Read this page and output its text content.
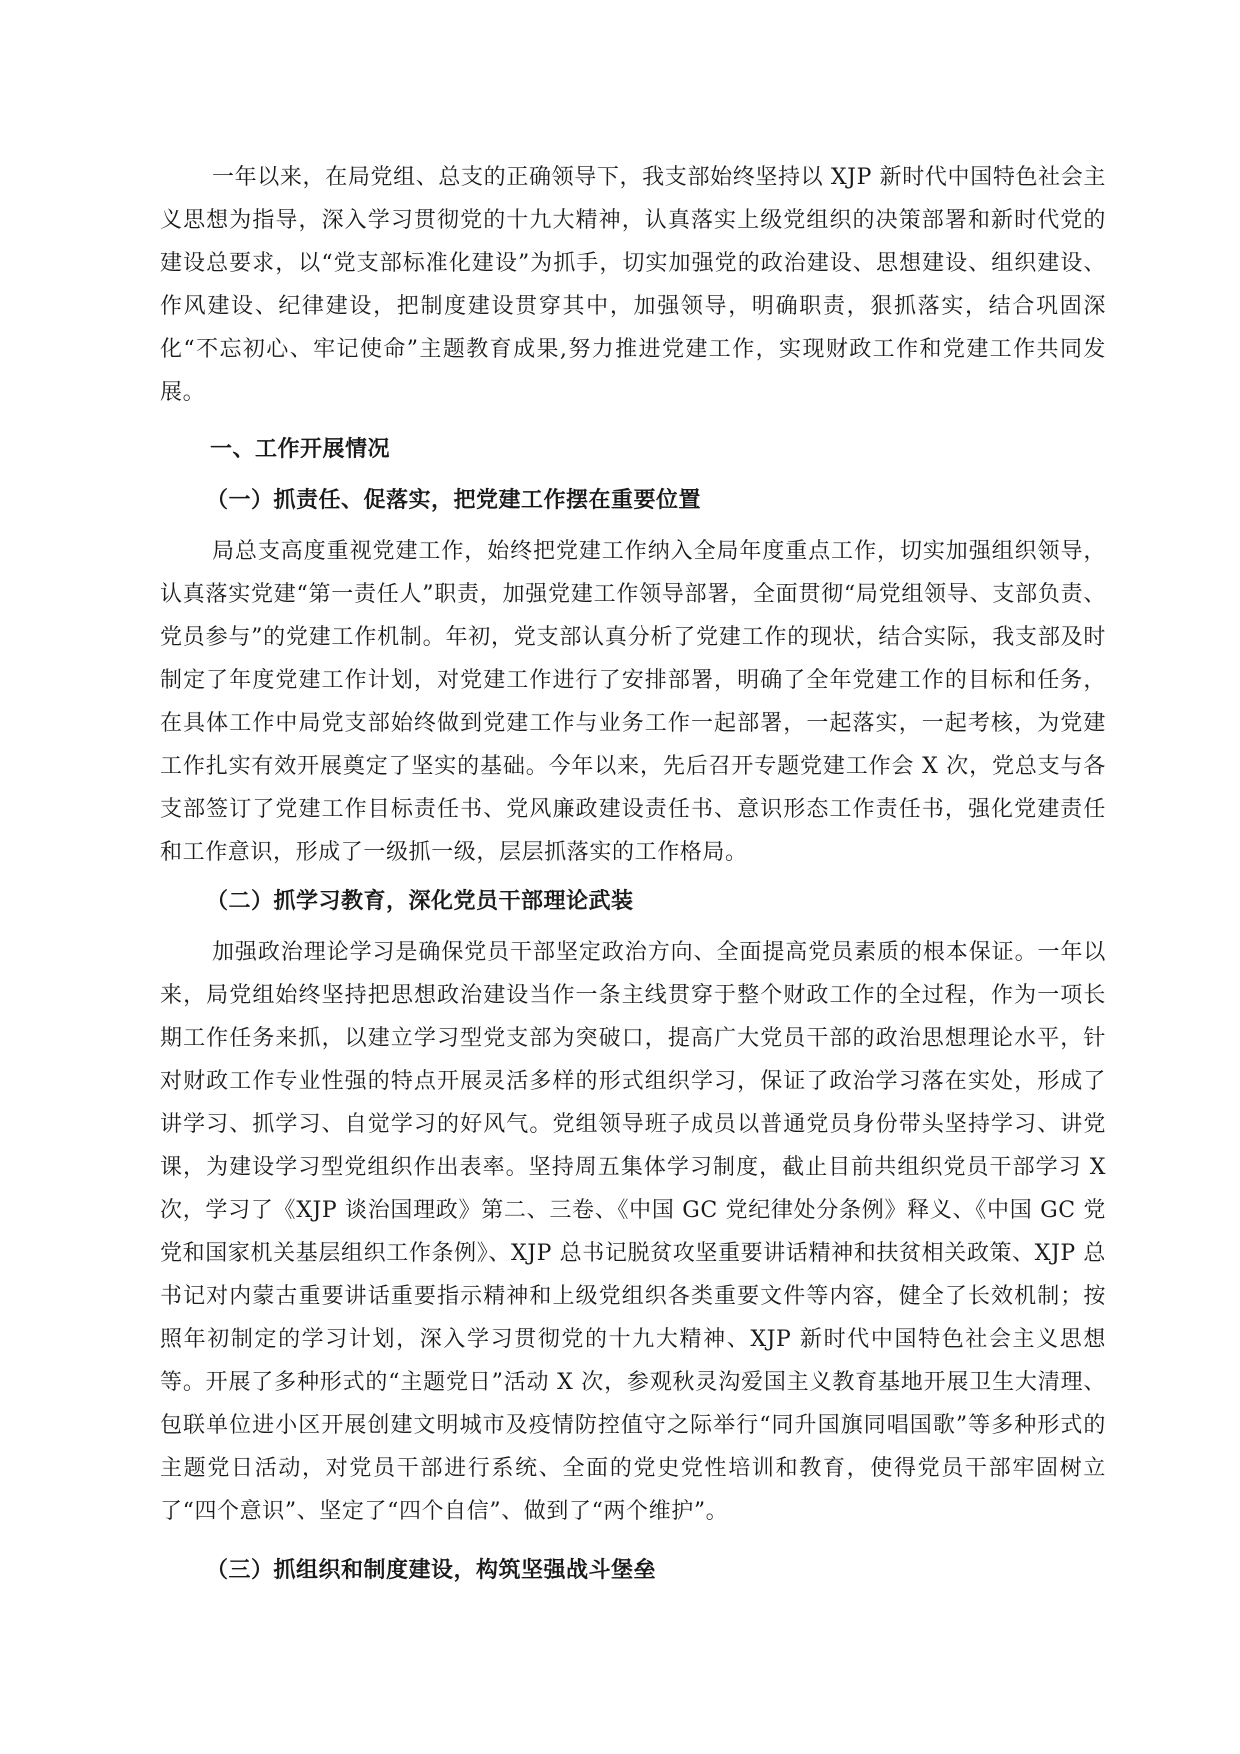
一年以来，在局党组、总支的正确领导下，我支部始终坚持以 XJP 新时代中国特色社会主义思想为指导，深入学习贯彻党的十九大精神，认真落实上级党组织的决策部署和新时代党的建设总要求，以“党支部标准化建设”为抓手，切实加强党的政治建设、思想建设、组织建设、作风建设、纪律建设，把制度建设贯穿其中，加强领导，明确职责，狠抓落实，结合巩固深化“不忘初心、牢记使命”主题教育成果,努力推进党建工作，实现财政工作和党建工作共同发展。

一、工作开展情况
（一）抓责任、促落实，把党建工作摆在重要位置

局总支高度重视党建工作，始终把党建工作纳入全局年度重点工作，切实加强组织领导，认真落实党建“第一责任人”职责，加强党建工作领导部署，全面贯彻“局党组领导、支部负责、党员参与”的党建工作机制。年初，党支部认真分析了党建工作的现状，结合实际，我支部及时制定了年度党建工作计划，对党建工作进行了安排部署，明确了全年党建工作的目标和任务，在具体工作中局党支部始终做到党建工作与业务工作一起部署，一起落实，一起考核，为党建工作扎实有效开展奠定了坚实的基础。今年以来，先后召开专题党建工作会 X 次，党总支与各支部签订了党建工作目标责任书、党风廉政建设责任书、意识形态工作责任书，强化党建责任和工作意识，形成了一级抓一级，层层抓落实的工作格局。

（二）抓学习教育，深化党员干部理论武装

加强政治理论学习是确保党员干部坚定政治方向、全面提高党员素质的根本保证。一年以来，局党组始终坚持把思想政治建设当作一条主线贯穿于整个财政工作的全过程，作为一项长期工作任务来抓，以建立学习型党支部为突破口，提高广大党员干部的政治思想理论水平，针对财政工作专业性强的特点开展灵活多样的形式组织学习，保证了政治学习落在实处，形成了讲学习、抓学习、自觉学习的好风气。党组领导班子成员以普通党员身份带头坚持学习、讲党课，为建设学习型党组织作出表率。坚持周五集体学习制度，截止目前共组织党员干部学习 X 次，学习了《XJP 谈治国理政》第二、三卷、《中国 GC 党纪律处分条例》释义、《中国 GC 党党和国家机关基层组织工作条例》、XJP 总书记脱贫攻坚重要讲话精神和扶贫相关政策、XJP 总书记对内蒙古重要讲话重要指示精神和上级党组织各类重要文件等内容，健全了长效机制；按照年初制定的学习计划，深入学习贯彻党的十九大精神、XJP 新时代中国特色社会主义思想等。开展了多种形式的“主题党日”活动 X 次，参观秋灵沟爱国主义教育基地开展卫生大清理、包联单位进小区开展创建文明城市及疫情防控值守之际举行“同升国旗同唱国歌”等多种形式的主题党日活动，对党员干部进行系统、全面的党史党性培训和教育，使得党员干部牢固树立了“四个意识”、坚定了“四个自信”、做到了“两个维护”。

（三）抓组织和制度建设，构筑坚强战斗堡垒
